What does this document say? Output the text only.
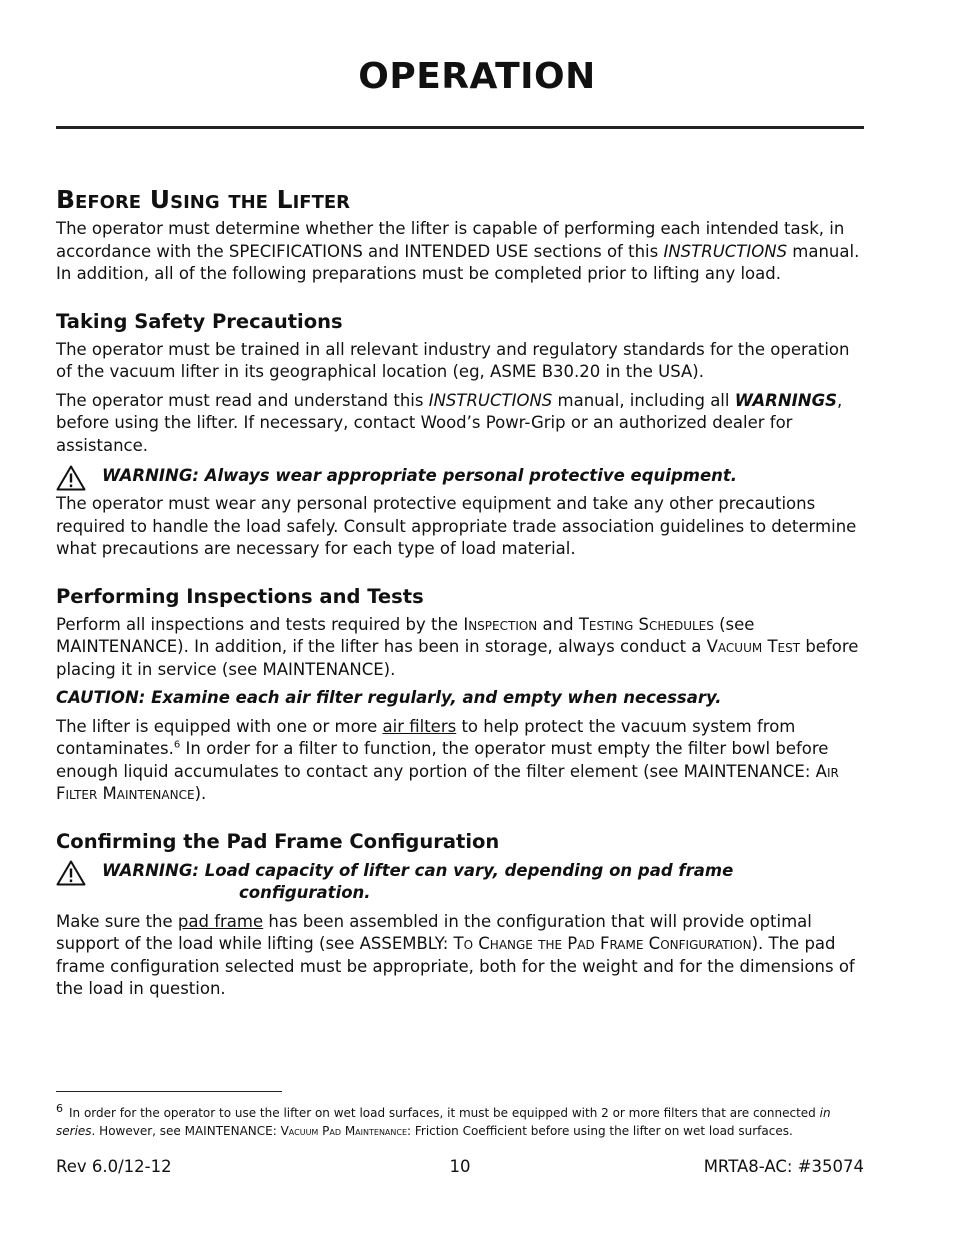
OPERATION
Before Using the Lifter

The operator must determine whether the lifter is capable of performing each intended task, in accordance with the SPECIFICATIONS and INTENDED USE sections of this INSTRUCTIONS manual. In addition, all of the following preparations must be completed prior to lifting any load.

Taking Safety Precautions

The operator must be trained in all relevant industry and regulatory standards for the operation of the vacuum lifter in its geographical location (eg, ASME B30.20 in the USA).

The operator must read and understand this INSTRUCTIONS manual, including all WARNINGS, before using the lifter. If necessary, contact Wood’s Powr-Grip or an authorized dealer for assistance.

WARNING: Always wear appropriate personal protective equipment.

The operator must wear any personal protective equipment and take any other precautions required to handle the load safely. Consult appropriate trade association guidelines to determine what precautions are necessary for each type of load material.

Performing Inspections and Tests

Perform all inspections and tests required by the Inspection and Testing Schedules (see MAINTENANCE). In addition, if the lifter has been in storage, always conduct a Vacuum Test before placing it in service (see MAINTENANCE).

CAUTION: Examine each air filter regularly, and empty when necessary.

The lifter is equipped with one or more air filters to help protect the vacuum system from contaminates.$^6$ In order for a filter to function, the operator must empty the filter bowl before enough liquid accumulates to contact any portion of the filter element (see MAINTENANCE: Air Filter Maintenance).

Confirming the Pad Frame Configuration
WARNING: Load capacity of lifter can vary, depending on pad frame
configuration.

Make sure the pad frame has been assembled in the configuration that will provide optimal support of the load while lifting (see ASSEMBLY: To Change the Pad Frame Configuration). The pad frame configuration selected must be appropriate, both for the weight and for the dimensions of the load in question.

$^6$ In order for the operator to use the lifter on wet load surfaces, it must be equipped with 2 or more filters that are connected in series. However, see MAINTENANCE: Vacuum Pad Maintenance: Friction Coefficient before using the lifter on wet load surfaces.
Rev 6.0/12-12	10	MRTA8-AC: #35074
